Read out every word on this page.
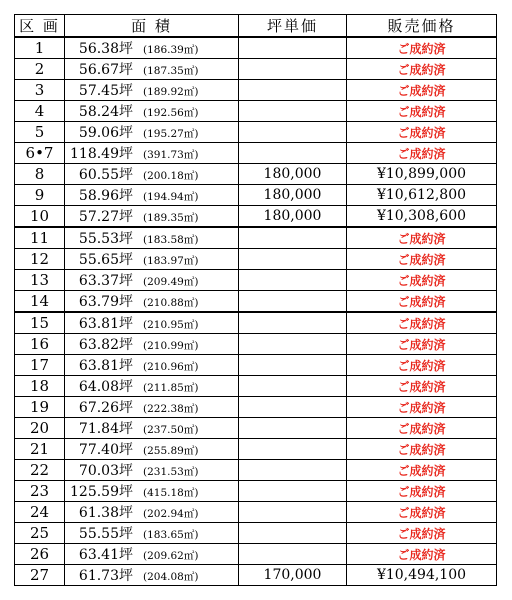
区 画	面 積	坪単価	販売価格
1	56.38坪 (186.39㎡)		ご成約済
2	56.67坪 (187.35㎡)		ご成約済
3	57.45坪 (189.92㎡)		ご成約済
4	58.24坪 (192.56㎡)		ご成約済
5	59.06坪 (195.27㎡)		ご成約済
6•7	118.49坪 (391.73㎡)		ご成約済
8	60.55坪 (200.18㎡)	180,000	¥10,899,000
9	58.96坪 (194.94㎡)	180,000	¥10,612,800
10	57.27坪 (189.35㎡)	180,000	¥10,308,600
11	55.53坪 (183.58㎡)		ご成約済
12	55.65坪 (183.97㎡)		ご成約済
13	63.37坪 (209.49㎡)		ご成約済
14	63.79坪 (210.88㎡)		ご成約済
15	63.81坪 (210.95㎡)		ご成約済
16	63.82坪 (210.99㎡)		ご成約済
17	63.81坪 (210.96㎡)		ご成約済
18	64.08坪 (211.85㎡)		ご成約済
19	67.26坪 (222.38㎡)		ご成約済
20	71.84坪 (237.50㎡)		ご成約済
21	77.40坪 (255.89㎡)		ご成約済
22	70.03坪 (231.53㎡)		ご成約済
23	125.59坪 (415.18㎡)		ご成約済
24	61.38坪 (202.94㎡)		ご成約済
25	55.55坪 (183.65㎡)		ご成約済
26	63.41坪 (209.62㎡)		ご成約済
27	61.73坪 (204.08㎡)	170,000	¥10,494,100
